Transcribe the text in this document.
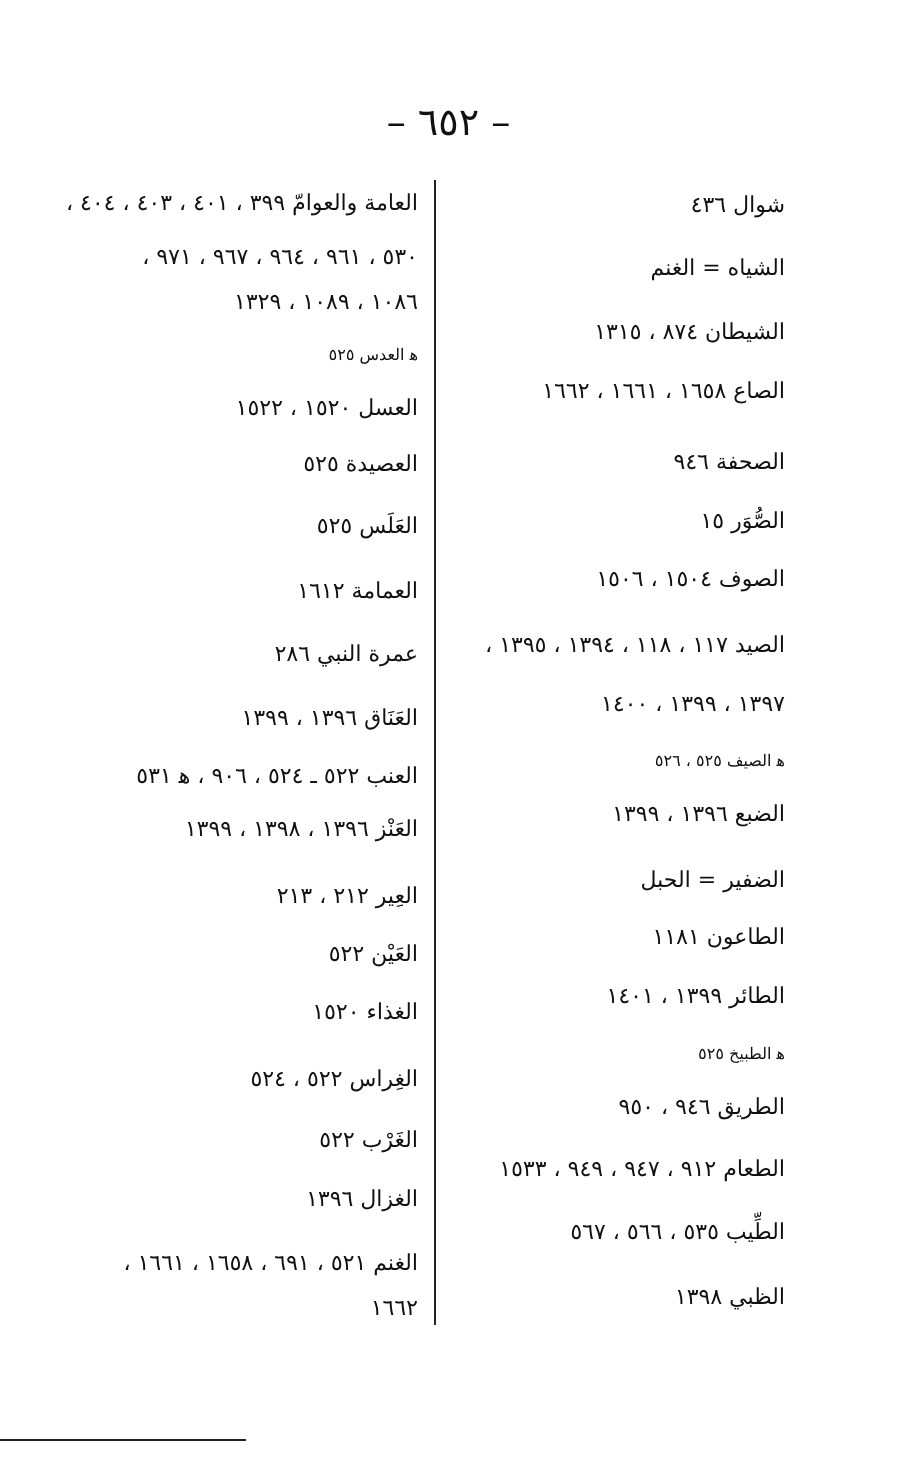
– ٦٥٢ –
شوال ٤٣٦
الشياه = الغنم
الشيطان ٨٧٤ ، ١٣١٥
الصاع ١٦٥٨ ، ١٦٦١ ، ١٦٦٢
الصحفة ٩٤٦
الصُّوَر ١٥
الصوف ١٥٠٤ ، ١٥٠٦
الصيد ١١٧ ، ١١٨ ، ١٣٩٤ ، ١٣٩٥ ،
١٣٩٧ ، ١٣٩٩ ، ١٤٠٠
ﻫ الصيف ٥٢٥ ، ٥٢٦
الضبع ١٣٩٦ ، ١٣٩٩
الضفير = الحبل
الطاعون ١١٨١
الطائر ١٣٩٩ ، ١٤٠١
ﻫ الطبيخ ٥٢٥
الطريق ٩٤٦ ، ٩٥٠
الطعام ٩١٢ ، ٩٤٧ ، ٩٤٩ ، ١٥٣٣
الطِّيب ٥٣٥ ، ٥٦٦ ، ٥٦٧
الظبي ١٣٩٨
العامة والعوامّ ٣٩٩ ، ٤٠١ ، ٤٠٣ ، ٤٠٤ ،
٥٣٠ ، ٩٦١ ، ٩٦٤ ، ٩٦٧ ، ٩٧١ ،
١٠٨٦ ، ١٠٨٩ ، ١٣٢٩
ﻫ العدس ٥٢٥
العسل ١٥٢٠ ، ١٥٢٢
العصيدة ٥٢٥
العَلَس ٥٢٥
العمامة ١٦١٢
عمرة النبي ٢٨٦
العَنَاق ١٣٩٦ ، ١٣٩٩
العنب ٥٢٢ ـ ٥٢٤ ، ٩٠٦ ، ﻫ ٥٣١
العَنْز ١٣٩٦ ، ١٣٩٨ ، ١٣٩٩
العِير ٢١٢ ، ٢١٣
العَيْن ٥٢٢
الغذاء ١٥٢٠
الغِراس ٥٢٢ ، ٥٢٤
الغَرْب ٥٢٢
الغزال ١٣٩٦
الغنم ٥٢١ ، ٦٩١ ، ١٦٥٨ ، ١٦٦١ ،
١٦٦٢
